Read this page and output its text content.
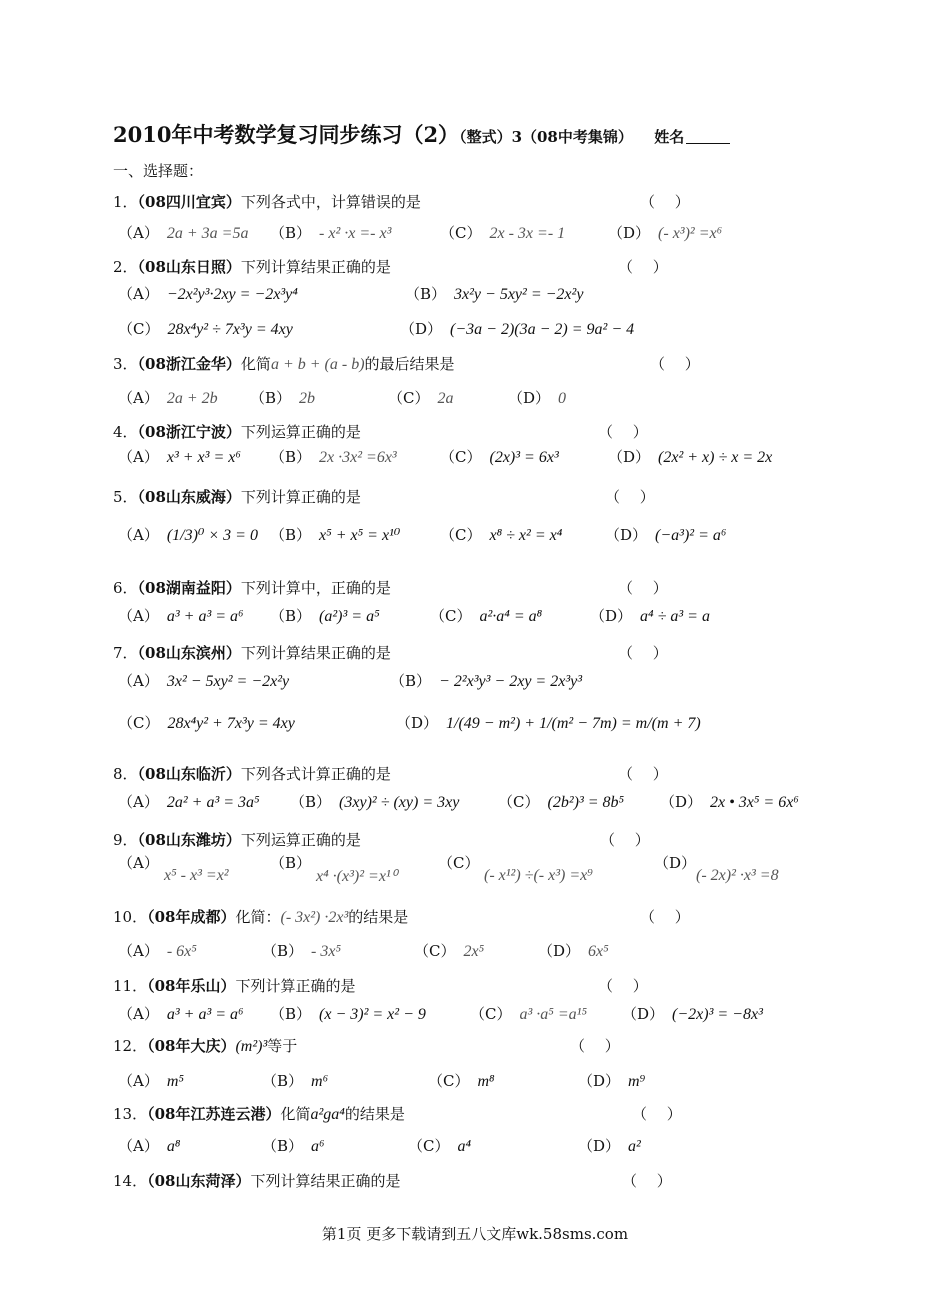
2010年中考数学复习同步练习（2）（整式）3（08中考集锦） 姓名
一、选择题：
1．（08四川宜宾）下列各式中，计算错误的是	（　 ）
（A） 2a + 3a =5a （B） - x² ·x =- x³	（C） 2x - 3x =- 1	（D） (- x³)² =x⁶
2．（08山东日照）下列计算结果正确的是	（　 ）
（A） −2x²y³·2xy = −2x³y⁴	（B） 3x²y − 5xy² = −2x²y
（C） 28x⁴y² ÷ 7x³y = 4xy	（D） (−3a − 2)(3a − 2) = 9a² − 4
3．（08浙江金华）化简a + b + (a - b)的最后结果是	（　 ）
（A） 2a + 2b （B） 2b	（C） 2a	（D） 0
4．（08浙江宁波）下列运算正确的是	（　 ）
（A） x³ + x³ = x⁶ （B） 2x ·3x² =6x³	（C） (2x)³ = 6x³	（D） (2x² + x) ÷ x = 2x
5．（08山东威海）下列计算正确的是	（　 ）
（A） (1/3)⁰ × 3 = 0 （B） x⁵ + x⁵ = x¹⁰	（C） x⁸ ÷ x² = x⁴	（D） (−a³)² = a⁶
6．（08湖南益阳）下列计算中，正确的是	（　 ）
（A） a³ + a³ = a⁶ （B） (a²)³ = a⁵	（C） a²·a⁴ = a⁸	（D） a⁴ ÷ a³ = a
7．（08山东滨州）下列计算结果正确的是	（　 ）
（A） 3x² − 5xy² = −2x²y	（B） − 2²x³y³ − 2xy = 2x³y³
（C） 28x⁴y² + 7x³y = 4xy	（D） 1/(49 − m²) + 1/(m² − 7m) = m/(m + 7)
8．（08山东临沂）下列各式计算正确的是	（　 ）
（A） 2a² + a³ = 3a⁵ （B） (3xy)² ÷ (xy) = 3xy	（C） (2b²)³ = 8b⁵ （D） 2x • 3x⁵ = 6x⁶
9．（08山东潍坊）下列运算正确的是	（　 ）
（A）
x⁵ - x³ =x²
（B）
x⁴ ·(x³)² =x¹⁰
（C）
(- x¹²) ÷(- x³) =x⁹
（D）
(- 2x)² ·x³ =8
10．（08年成都）化简：(- 3x²) ·2x³的结果是	（　 ）
（A） - 6x⁵	（B） - 3x⁵	（C） 2x⁵	（D） 6x⁵
11．（08年乐山）下列计算正确的是	（　 ）
（A） a³ + a³ = a⁶ （B） (x − 3)² = x² − 9	（C） a³ ·a⁵ =a¹⁵ （D） (−2x)³ = −8x³
12．（08年大庆）(m²)³等于	（　 ）
（A） m⁵	（B） m⁶	（C） m⁸	（D） m⁹
13．（08年江苏连云港）化简a²ga⁴的结果是	（　 ）
（A） a⁸	（B） a⁶	（C） a⁴	（D） a²
14．（08山东菏泽）下列计算结果正确的是	（　 ）
第1页 更多下载请到五八文库wk.58sms.com
